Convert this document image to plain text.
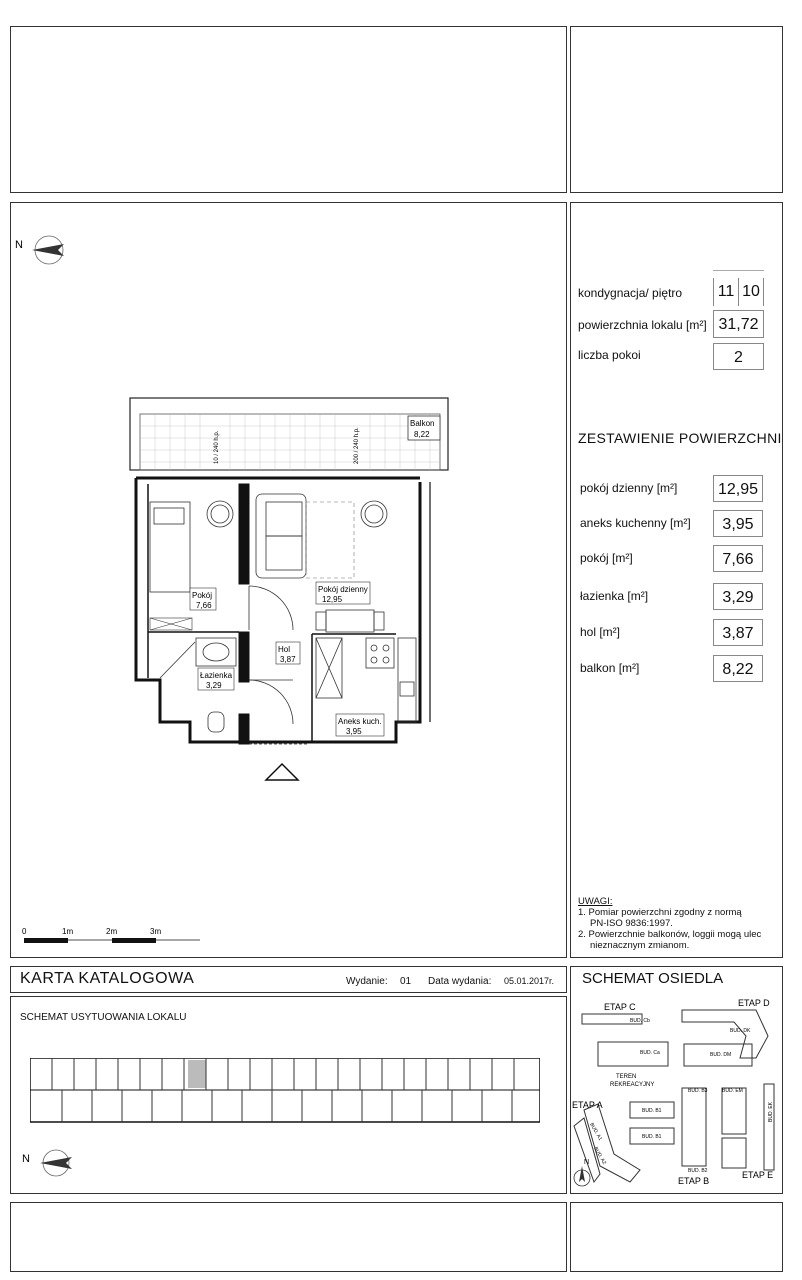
kondygnacja/ piętro 11 10
powierzchnia lokalu [m²] 31,72
liczba pokoi	2
ZESTAWIENIE POWIERZCHNI
pokój dzienny [m²]	12,95
aneks kuchenny [m²]	3,95
pokój [m²]	7,66
łazienka [m²]	3,29
hol [m²]	3,87
balkon [m²]	8,22
UWAGI:
1. Pomiar powierzchni zgodny z normą
PN-ISO 9836:1997.
2. Powierzchnie balkonów, loggii mogą ulec
nieznacznym zmianom.
N
Balkon
8,22
10 / 240 h.p.	200 / 240 h.p.
Pokój
7,66
Pokój dzienny
12,95
Hol
3,87
Łazienka
3,29
Aneks kuch.
3,95
0	1m	2m	3m
KARTA KATALOGOWA	Wydanie: 01 Data wydania: 05.01.2017r.
SCHEMAT USYTUOWANIA LOKALU
N
SCHEMAT OSIEDLA
ETAP C	ETAP D
ETAP A
ETAP B
ETAP E
TEREN
REKREACYJNY
BUD. Cb
BUD. Ca
BUD. DK
BUD. DM
BUD. B3
BUD. B1
BUD. B1
BUD. B2
BUD. EM
BUD. EK
BUD. A1
BUD. A2
N
